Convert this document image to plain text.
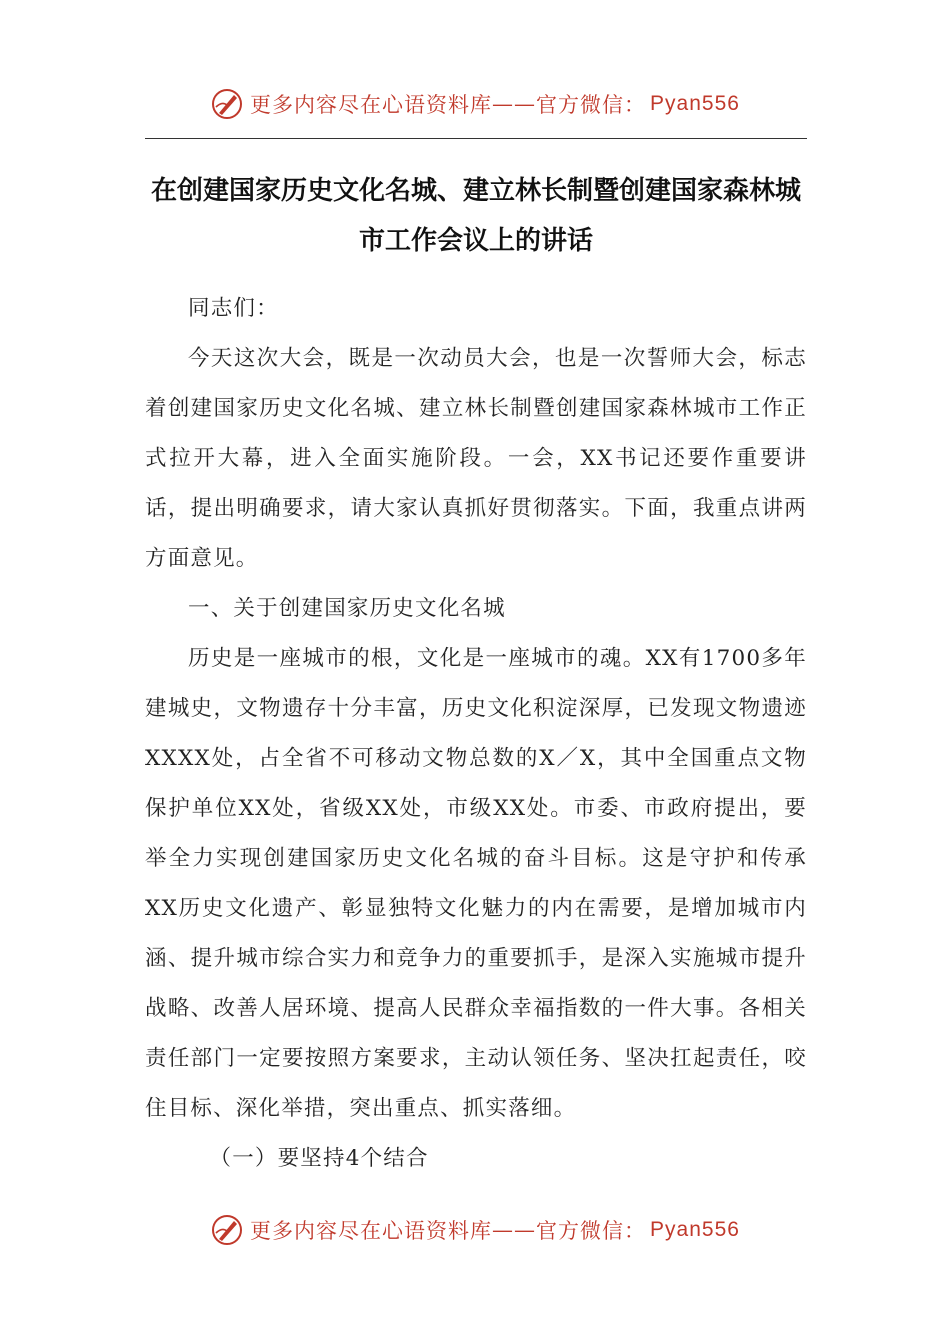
更多内容尽在心语资料库 —— 官方微信： Pyan556
在创建国家历史文化名城、建立林长制暨创建国家森林城市工作会议上的讲话

同志们：

今天这次大会，既是一次动员大会，也是一次誓师大会，标志着创建国家历史文化名城、建立林长制暨创建国家森林城市工作正式拉开大幕，进入全面实施阶段。一会，XX书记还要作重要讲话，提出明确要求，请大家认真抓好贯彻落实。下面，我重点讲两方面意见。

一、关于创建国家历史文化名城

历史是一座城市的根，文化是一座城市的魂。XX有1700多年建城史，文物遗存十分丰富，历史文化积淀深厚，已发现文物遗迹XXXX处，占全省不可移动文物总数的X／X，其中全国重点文物保护单位XX处，省级XX处，市级XX处。市委、市政府提出，要举全力实现创建国家历史文化名城的奋斗目标。这是守护和传承XX历史文化遗产、彰显独特文化魅力的内在需要，是增加城市内涵、提升城市综合实力和竞争力的重要抓手，是深入实施城市提升战略、改善人居环境、提高人民群众幸福指数的一件大事。各相关责任部门一定要按照方案要求，主动认领任务、坚决扛起责任，咬住目标、深化举措，突出重点、抓实落细。

（一）要坚持4个结合

更多内容尽在心语资料库 —— 官方微信： Pyan556
